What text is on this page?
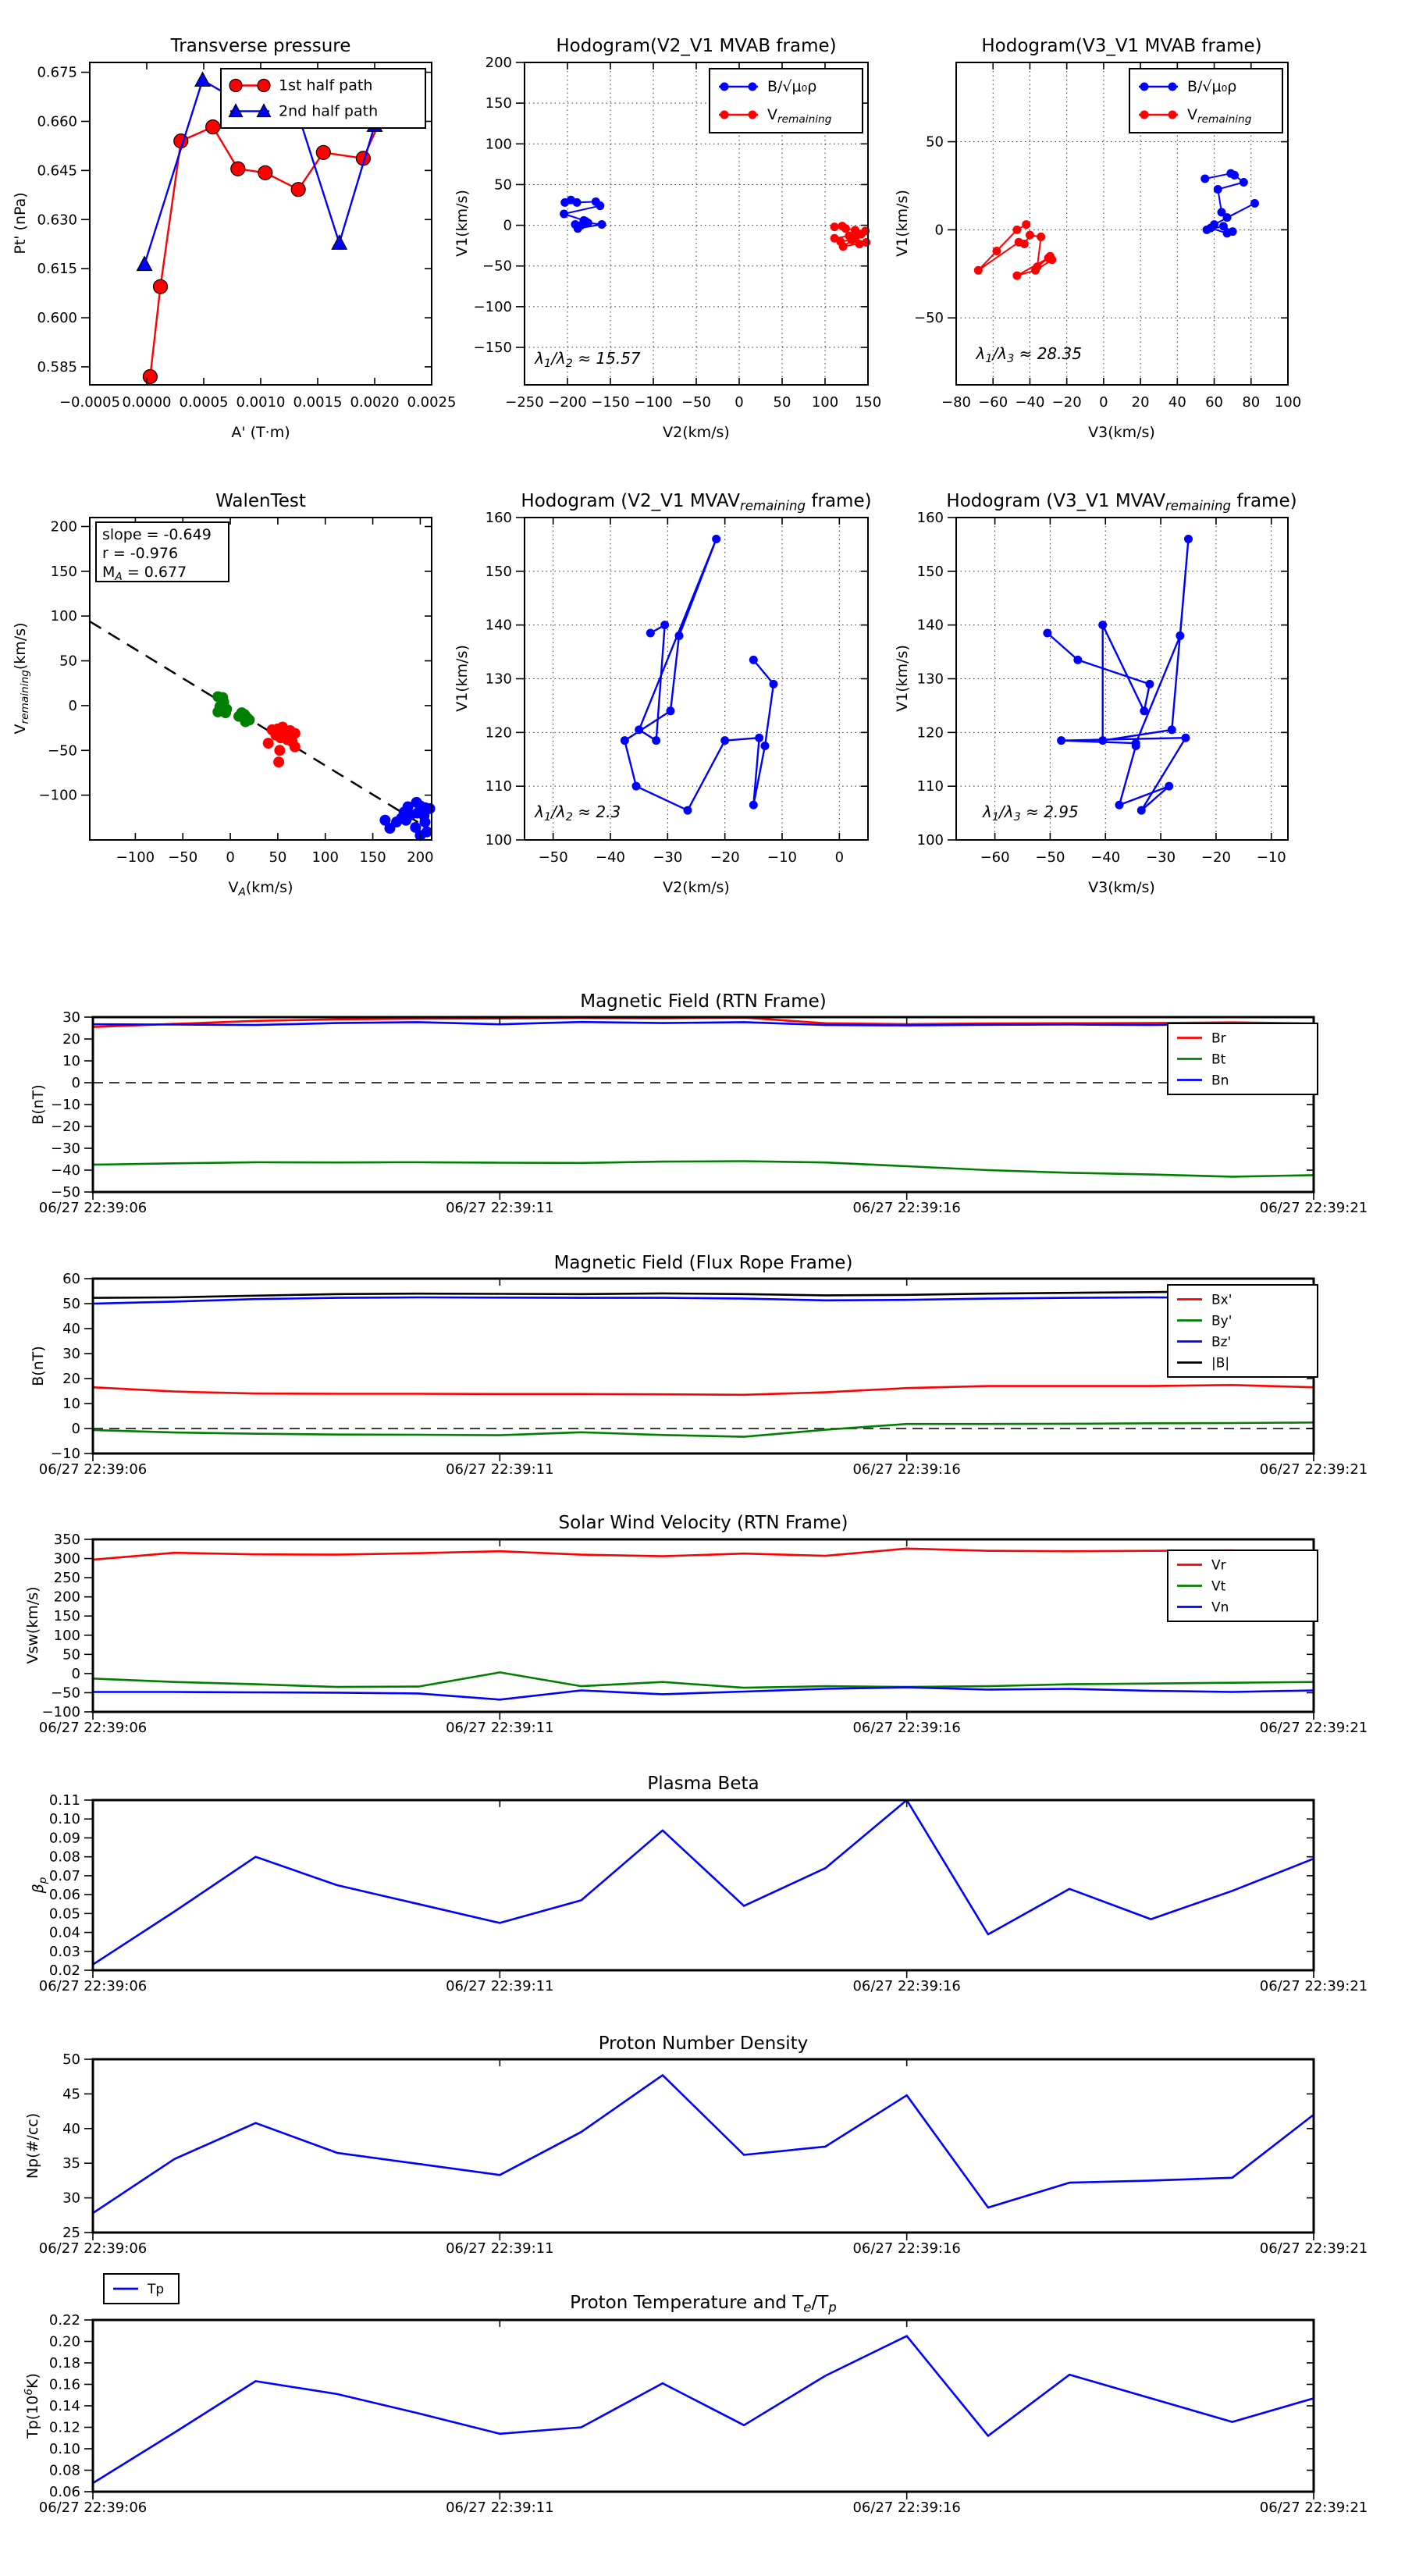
−0.0005 0.0000 0.0005 0.0010 0.0015 0.0020 0.0025
0.585
0.600
0.615
0.630
0.645
0.660
0.675
Transverse pressure
A' (T·m)
Pt' (nPa)
1st half path
2nd half path
−250 −200 −150 −100 −50 0 50 100 150
−150
−100
−50
0
50
100
150
200
Hodogram(V2_V1 MVAB frame)
V2(km/s)
V1(km/s)
$\lambda_1/\lambda_2 \approx 15.57$
B/√μ₀ρ
$V_{remaining}$
−80 −60 −40 −20 0 20 40 60 80 100
−50
0
50
Hodogram(V3_V1 MVAB frame)
V3(km/s)
V1(km/s)
$\lambda_1/\lambda_3 \approx 28.35$
B/√μ₀ρ
$V_{remaining}$
−100 −50 0 50 100 150 200
−100
−50
0
50
100
150
200
WalenTest
$V_A(km/s)$
$V_{remaining}(km/s)$
slope = -0.649
r = -0.976
$M_A = 0.677$
−50 −40 −30 −20 −10	0
100
110
120
130
140
150
160
Hodogram (V2_V1 $MVAV_{remaining}$ frame)
V2(km/s)
V1(km/s)
$\lambda_1/\lambda_2 \approx 2.3$
−60 −50 −40 −30 −20 −10
100
110
120
130
140
150
160
Hodogram (V3_V1 $MVAV_{remaining}$ frame)
V3(km/s)
V1(km/s)
$\lambda_1/\lambda_3 \approx 2.95$
06/27 22:39:06	06/27 22:39:11	06/27 22:39:16	06/27 22:39:21
−50
−40
−30
−20
−10
0
10
20
30
Magnetic Field (RTN Frame)
B(nT)
Br
Bt
Bn
06/27 22:39:06	06/27 22:39:11	06/27 22:39:16	06/27 22:39:21
−10
0
10
20
30
40
50
60
Magnetic Field (Flux Rope Frame)
B(nT)
Bx'
By'
Bz'
|B|
06/27 22:39:06	06/27 22:39:11	06/27 22:39:16	06/27 22:39:21
−100
−50
0
50
100
150
200
250
300
350
Solar Wind Velocity (RTN Frame)
Vsw(km/s)
Vr
Vt
Vn
06/27 22:39:06	06/27 22:39:11	06/27 22:39:16	06/27 22:39:21
0.02
0.03
0.04
0.05
0.06
0.07
0.08
0.09
0.10
0.11
Plasma Beta
$\beta_p$
06/27 22:39:06	06/27 22:39:11	06/27 22:39:16	06/27 22:39:21
25
30
35
40
45
50
Proton Number Density
Np(#/cc)
06/27 22:39:06	06/27 22:39:11	06/27 22:39:16	06/27 22:39:21
0.06
0.08
0.10
0.12
0.14
0.16
0.18
0.20
0.22
Proton Temperature and $T_e/T_p$
$Tp(10^6K)$
Tp
